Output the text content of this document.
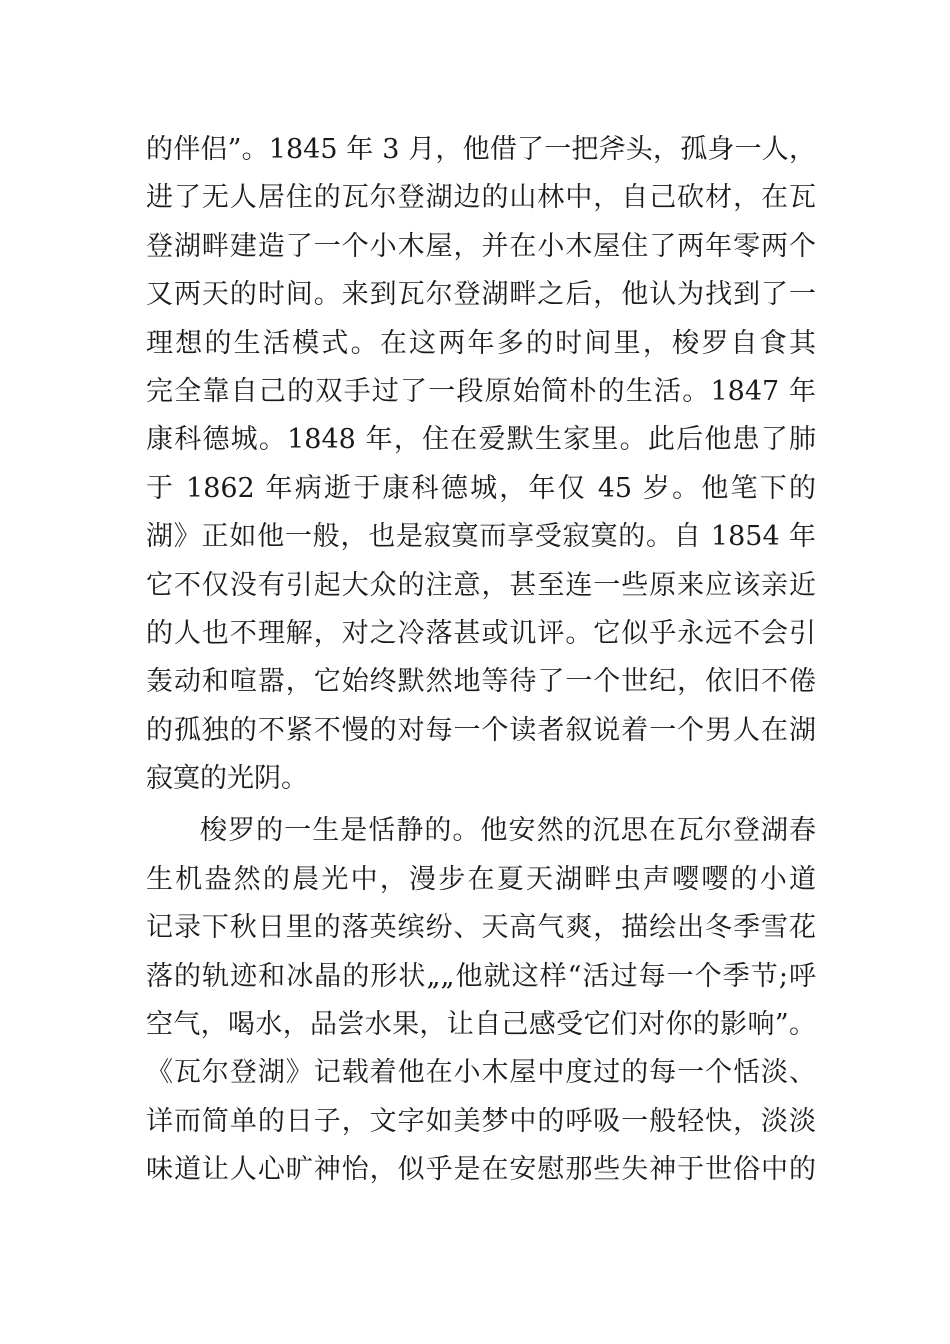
的伴侣”。1845 年 3 月，他借了一把斧头，孤身一人，
进了无人居住的瓦尔登湖边的山林中，自己砍材，在瓦
登湖畔建造了一个小木屋，并在小木屋住了两年零两个
又两天的时间。来到瓦尔登湖畔之后，他认为找到了一
理想的生活模式。在这两年多的时间里，梭罗自食其
完全靠自己的双手过了一段原始简朴的生活。1847 年
康科德城。1848 年，住在爱默生家里。此后他患了肺
于 1862 年病逝于康科德城，年仅 45 岁。他笔下的
湖》正如他一般，也是寂寞而享受寂寞的。自 1854 年
它不仅没有引起大众的注意，甚至连一些原来应该亲近
的人也不理解，对之冷落甚或讥评。它似乎永远不会引
轰动和喧嚣，它始终默然地等待了一个世纪，依旧不倦
的孤独的不紧不慢的对每一个读者叙说着一个男人在湖
寂寞的光阴。
梭罗的一生是恬静的。他安然的沉思在瓦尔登湖春
生机盎然的晨光中，漫步在夏天湖畔虫声嘤嘤的小道
记录下秋日里的落英缤纷、天高气爽，描绘出冬季雪花
落的轨迹和冰晶的形状„„他就这样“活过每一个季节;呼
空气，喝水，品尝水果，让自己感受它们对你的影响”。
《瓦尔登湖》记载着他在小木屋中度过的每一个恬淡、
详而简单的日子，文字如美梦中的呼吸一般轻快，淡淡
味道让人心旷神怡，似乎是在安慰那些失神于世俗中的
